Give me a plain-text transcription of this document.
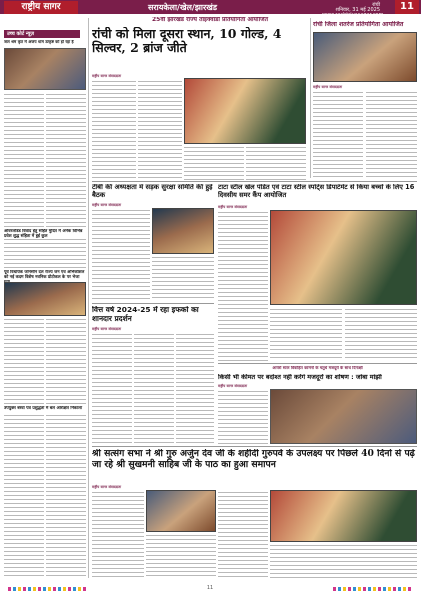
राष्ट्रीय सागर	सरायकेला/खेल/झारखंड	रांची
शनिवार, 31 मई 2025
www.rashtriyasagar.com
11
उच्च कोर्ट न्यूज़
जल श्रम कृत में अजय धाम उत्कृष्ट को हो रहा है
ओवरलोडेड विवाद हेतु सहित मुदित में अनेक विभिन्न प्रवेश शुद्ध संहिता में हुई कुल
पूर्व विधायक जानसोन दल राज्य जन एवं अभिकौशल को नई कदम विशेष नवनिक प्रोटोकल के पर भेजा
उपयुक्त बरवा पत्र प्रशुद्धता में बल आरक्षित निकाला
25वीं झारखंड राज्य ताइक्वांडो प्रतियोगिता आयोजित
रांची को मिला दूसरा स्थान, 10 गोल्ड, 4 सिल्वर, 2 ब्रांज जीते
राष्ट्रीय सागर संवाददाता
रांची जिला शतरंज प्रतियोगिता आयोजित
राष्ट्रीय सागर संवाददाता
टीबी की अध्यक्षता में सड़क सुरक्षा समिति की हुई बैठक
राष्ट्रीय सागर संवाददाता
टाटा स्टील खेल पंडित एवं टाटा स्टील स्पोर्ट्स डिपार्टमेंट से किया बच्चों के लिए 16 दिवसीय समर कैंप आयोजित
राष्ट्रीय सागर संवाददाता
वित्त वर्ष 2024-25 में रहा इफको का शानदार प्रदर्शन
राष्ट्रीय सागर संवाददाता
आयरो सतर विवाहित कामनों के चतुर्थ मजदूरों के साथ दिनाक्षी
किसी भी कीमत पर बर्दाश्त नहीं करेंगे मजदूरों का शोषण : जोबा मांझी
राष्ट्रीय सागर संवाददाता
श्री सत्संग सभा ने श्री गुरु अर्जुन देव जी के शहीदी गुरुपर्व के उपलक्ष्य पर पिछले 40 दिनों से पढ़े जा रहे श्री सुखमनी साहिब जी के पाठ का हुआ समापन
राष्ट्रीय सागर संवाददाता
11
